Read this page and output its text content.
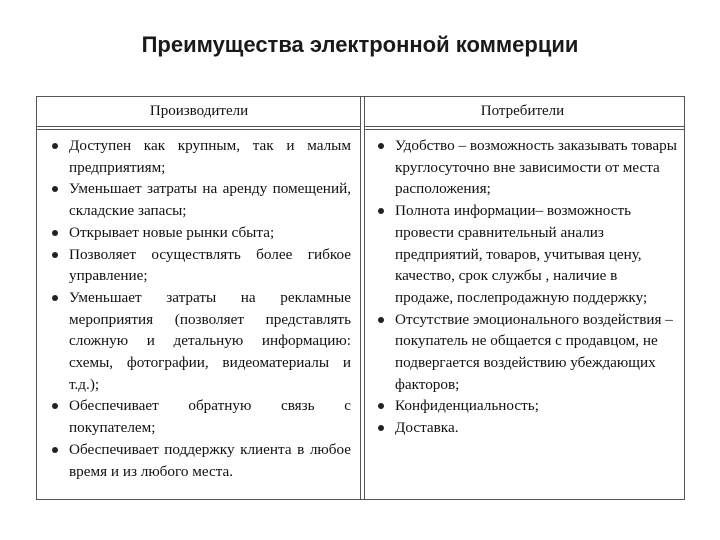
Преимущества электронной коммерции
Производители	Потребители
Доступен как крупным, так и малым предприятиям;
Уменьшает затраты на аренду помещений, складские запасы;
Открывает новые рынки сбыта;
Позволяет осуществлять более гибкое управление;
Уменьшает затраты на рекламные мероприятия (позволяет представлять сложную и детальную информацию: схемы, фотографии, видеоматериалы и т.д.);
Обеспечивает обратную связь с покупателем;
Обеспечивает поддержку клиента в любое время и из любого места.
Удобство – возможность заказывать товары круглосуточно вне зависимости от места расположения;
Полнота информации– возможность провести сравнительный анализ предприятий, товаров, учитывая цену, качество, срок службы , наличие в продаже, послепродажную поддержку;
Отсутствие эмоционального воздействия – покупатель не общается с продавцом, не подвергается воздействию убеждающих факторов;
Конфиденциальность;
Доставка.
